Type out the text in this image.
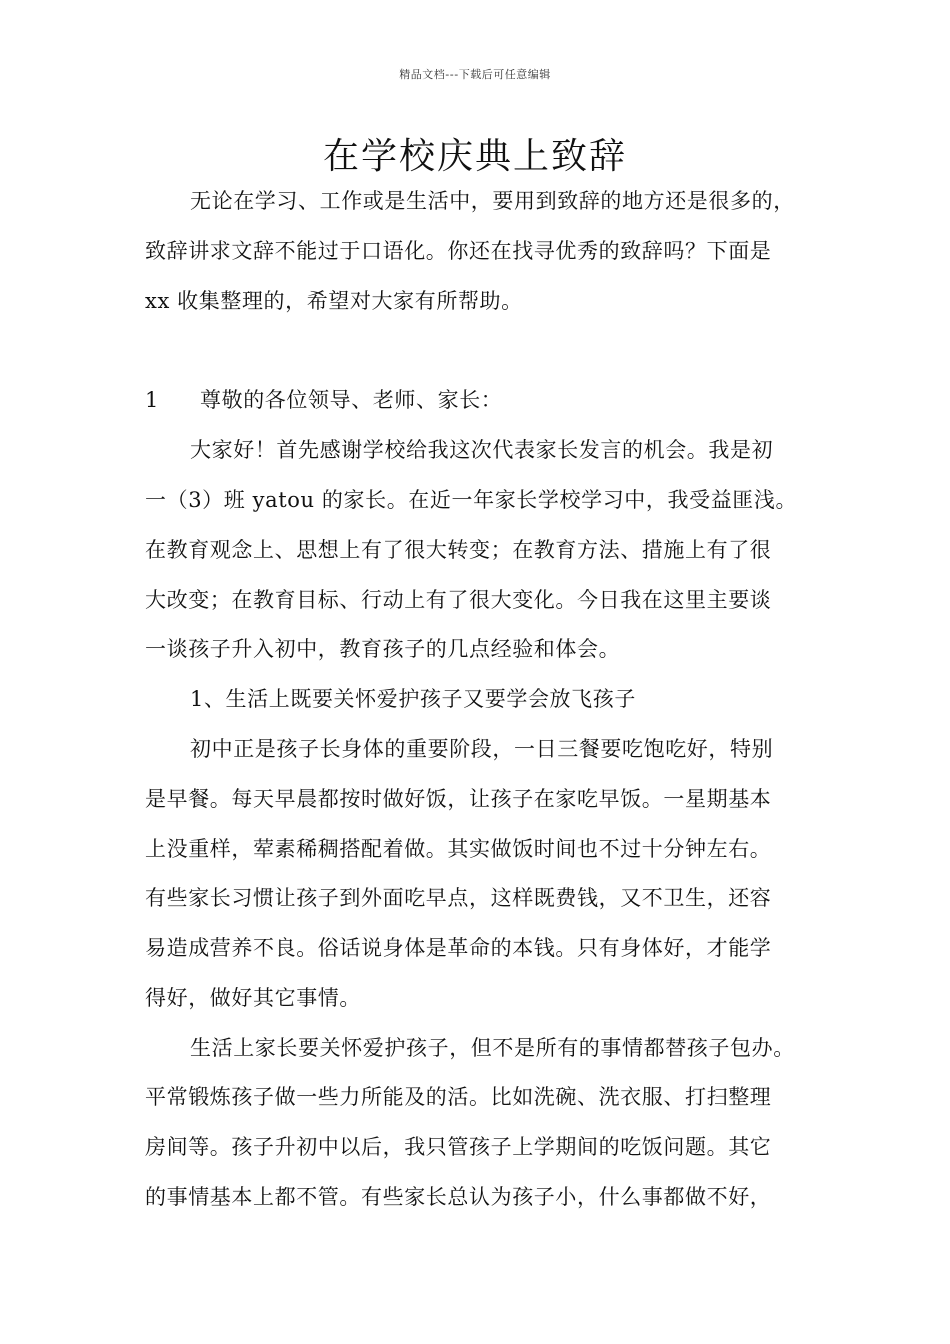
精品文档---下载后可任意编辑
在学校庆典上致辞
无论在学习、工作或是生活中，要用到致辞的地方还是很多的，
致辞讲求文辞不能过于口语化。你还在找寻优秀的致辞吗？下面是
xx 收集整理的，希望对大家有所帮助。
1 尊敬的各位领导、老师、家长：
大家好！首先感谢学校给我这次代表家长发言的机会。我是初
一（3）班 yatou 的家长。在近一年家长学校学习中，我受益匪浅。
在教育观念上、思想上有了很大转变；在教育方法、措施上有了很
大改变；在教育目标、行动上有了很大变化。今日我在这里主要谈
一谈孩子升入初中，教育孩子的几点经验和体会。
1、生活上既要关怀爱护孩子又要学会放飞孩子
初中正是孩子长身体的重要阶段，一日三餐要吃饱吃好，特别
是早餐。每天早晨都按时做好饭，让孩子在家吃早饭。一星期基本
上没重样，荤素稀稠搭配着做。其实做饭时间也不过十分钟左右。
有些家长习惯让孩子到外面吃早点，这样既费钱，又不卫生，还容
易造成营养不良。俗话说身体是革命的本钱。只有身体好，才能学
得好，做好其它事情。
生活上家长要关怀爱护孩子，但不是所有的事情都替孩子包办。
平常锻炼孩子做一些力所能及的活。比如洗碗、洗衣服、打扫整理
房间等。孩子升初中以后，我只管孩子上学期间的吃饭问题。其它
的事情基本上都不管。有些家长总认为孩子小，什么事都做不好，
